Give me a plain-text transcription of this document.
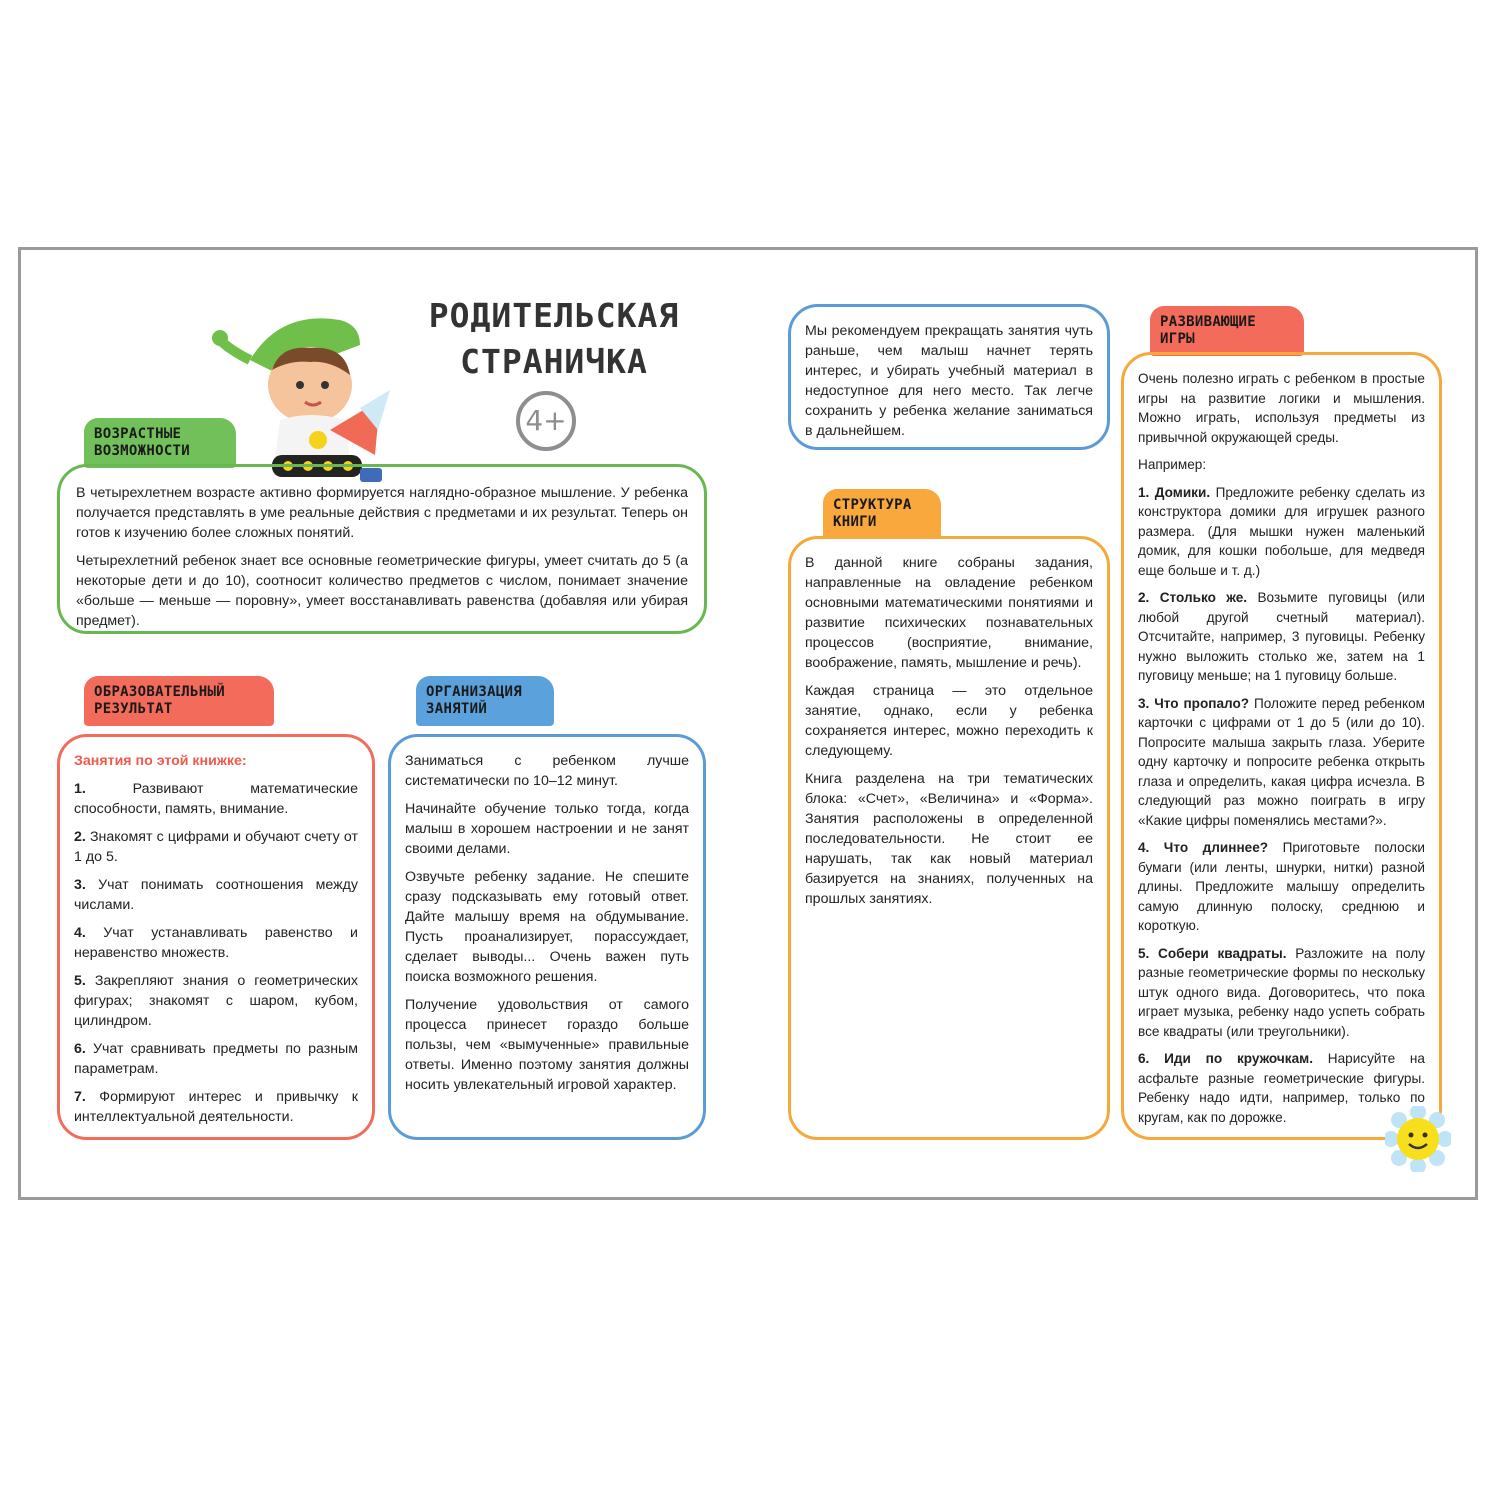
РОДИТЕЛЬСКАЯ СТРАНИЧКА
4+
ВОЗРАСТНЫЕ ВОЗМОЖНОСТИ

В четырехлетнем возрасте активно формируется наглядно-образное мышление. У ребенка получается представлять в уме реальные действия с предметами и их результат. Теперь он готов к изучению более сложных понятий.

Четырехлетний ребенок знает все основные геометрические фигуры, умеет считать до 5 (а некоторые дети и до 10), соотносит количество предметов с числом, понимает значение «больше — меньше — поровну», умеет восстанавливать равенства (добавляя или убирая предмет).

ОБРАЗОВАТЕЛЬНЫЙ РЕЗУЛЬТАТ

Занятия по этой книжке:

1. Развивают математические способности, память, внимание.

2. Знакомят с цифрами и обучают счету от 1 до 5.

3. Учат понимать соотношения между числами.

4. Учат устанавливать равенство и неравенство множеств.

5. Закрепляют знания о геометрических фигурах; знакомят с шаром, кубом, цилиндром.

6. Учат сравнивать предметы по разным параметрам.

7. Формируют интерес и привычку к интеллектуальной деятельности.

ОРГАНИЗАЦИЯ ЗАНЯТИЙ

Заниматься с ребенком лучше систематически по 10–12 минут.

Начинайте обучение только тогда, когда малыш в хорошем настроении и не занят своими делами.

Озвучьте ребенку задание. Не спешите сразу подсказывать ему готовый ответ. Дайте малышу время на обдумывание. Пусть проанализирует, порассуждает, сделает выводы... Очень важен путь поиска возможного решения.

Получение удовольствия от самого процесса принесет гораздо больше пользы, чем «вымученные» правильные ответы. Именно поэтому занятия должны носить увлекательный игровой характер.

Мы рекомендуем прекращать занятия чуть раньше, чем малыш начнет терять интерес, и убирать учебный материал в недоступное для него место. Так легче сохранить у ребенка желание заниматься в дальнейшем.

СТРУКТУРА КНИГИ

В данной книге собраны задания, направленные на овладение ребенком основными математическими понятиями и развитие психических познавательных процессов (восприятие, внимание, воображение, память, мышление и речь).

Каждая страница — это отдельное занятие, однако, если у ребенка сохраняется интерес, можно переходить к следующему.

Книга разделена на три тематических блока: «Счет», «Величина» и «Форма». Занятия расположены в определенной последовательности. Не стоит ее нарушать, так как новый материал базируется на знаниях, полученных на прошлых занятиях.

РАЗВИВАЮЩИЕ ИГРЫ

Очень полезно играть с ребенком в простые игры на развитие логики и мышления. Можно играть, используя предметы из привычной окружающей среды.

Например:

1. Домики. Предложите ребенку сделать из конструктора домики для игрушек разного размера. (Для мышки нужен маленький домик, для кошки побольше, для медведя еще больше и т. д.)

2. Столько же. Возьмите пуговицы (или любой другой счетный материал). Отсчитайте, например, 3 пуговицы. Ребенку нужно выложить столько же, затем на 1 пуговицу меньше; на 1 пуговицу больше.

3. Что пропало? Положите перед ребенком карточки с цифрами от 1 до 5 (или до 10). Попросите малыша закрыть глаза. Уберите одну карточку и попросите ребенка открыть глаза и определить, какая цифра исчезла. В следующий раз можно поиграть в игру «Какие цифры поменялись местами?».

4. Что длиннее? Приготовьте полоски бумаги (или ленты, шнурки, нитки) разной длины. Предложите малышу определить самую длинную полоску, среднюю и короткую.

5. Собери квадраты. Разложите на полу разные геометрические формы по нескольку штук одного вида. Договоритесь, что пока играет музыка, ребенку надо успеть собрать все квадраты (или треугольники).

6. Иди по кружочкам. Нарисуйте на асфальте разные геометрические фигуры. Ребенку надо идти, например, только по кругам, как по дорожке.
